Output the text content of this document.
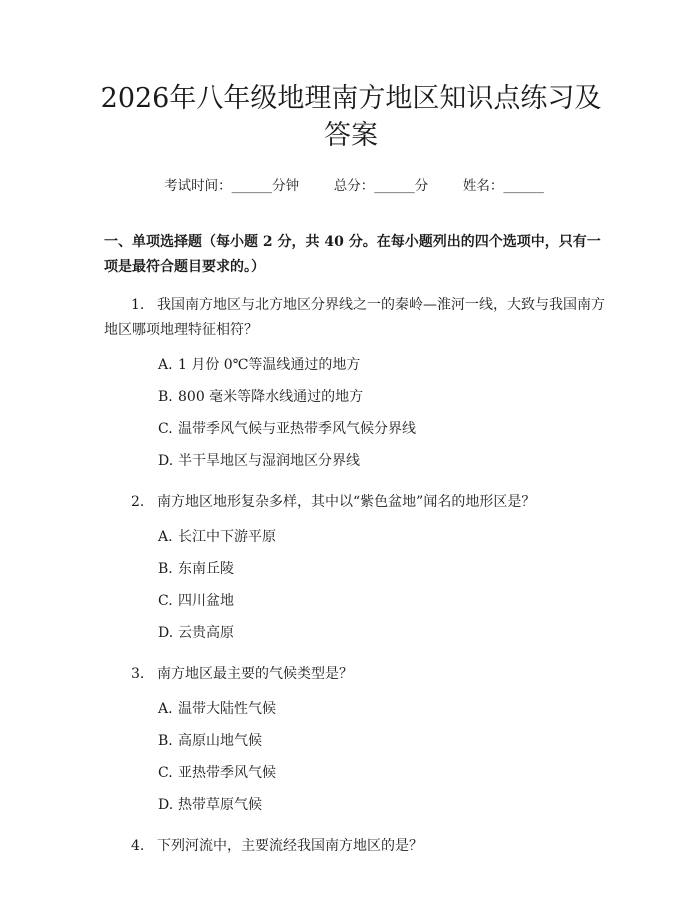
2026年八年级地理南方地区知识点练习及答案
考试时间：______分钟	总分：______分	姓名：______
一、单项选择题（每小题 2 分，共 40 分。在每小题列出的四个选项中，只有一项是最符合题目要求的。）
1. 我国南方地区与北方地区分界线之一的秦岭—淮河一线，大致与我国南方地区哪项地理特征相符？
A. 1 月份 0℃等温线通过的地方
B. 800 毫米等降水线通过的地方
C. 温带季风气候与亚热带季风气候分界线
D. 半干旱地区与湿润地区分界线
2. 南方地区地形复杂多样，其中以“紫色盆地”闻名的地形区是？
A. 长江中下游平原
B. 东南丘陵
C. 四川盆地
D. 云贵高原
3. 南方地区最主要的气候类型是？
A. 温带大陆性气候
B. 高原山地气候
C. 亚热带季风气候
D. 热带草原气候
4. 下列河流中，主要流经我国南方地区的是？
